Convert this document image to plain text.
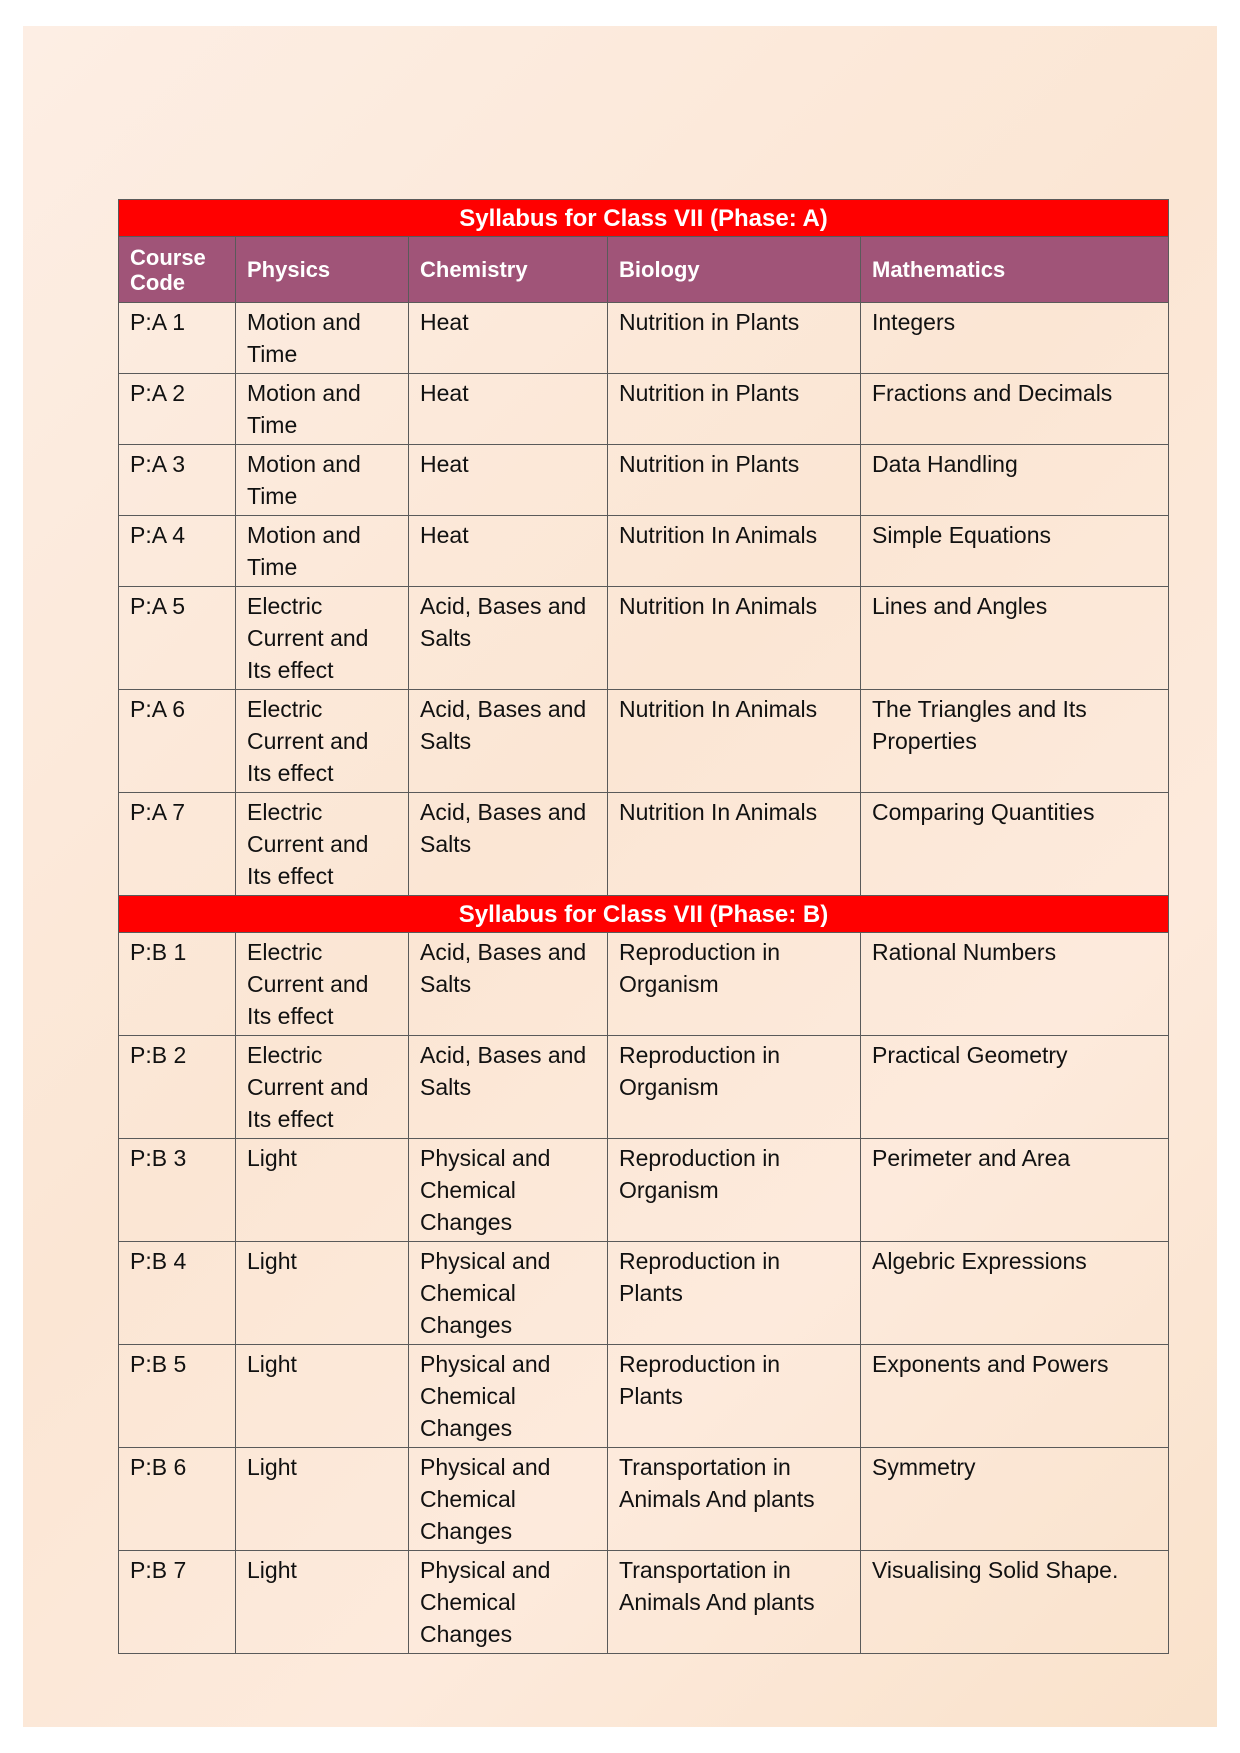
Syllabus for Class VII (Phase: A)				
Course Code	Physics	Chemistry	Biology	Mathematics
P:A 1	Motion and Time	Heat	Nutrition in Plants	Integers
P:A 2	Motion and Time	Heat	Nutrition in Plants	Fractions and Decimals
P:A 3	Motion and Time	Heat	Nutrition in Plants	Data Handling
P:A 4	Motion and Time	Heat	Nutrition In Animals	Simple Equations
P:A 5	Electric Current and Its effect	Acid, Bases and Salts	Nutrition In Animals	Lines and Angles
P:A 6	Electric Current and Its effect	Acid, Bases and Salts	Nutrition In Animals	The Triangles and Its Properties
P:A 7	Electric Current and Its effect	Acid, Bases and Salts	Nutrition In Animals	Comparing Quantities
Syllabus for Class VII (Phase: B)				
P:B 1	Electric Current and Its effect	Acid, Bases and Salts	Reproduction in Organism	Rational Numbers
P:B 2	Electric Current and Its effect	Acid, Bases and Salts	Reproduction in Organism	Practical Geometry
P:B 3	Light	Physical and Chemical Changes	Reproduction in Organism	Perimeter and Area
P:B 4	Light	Physical and Chemical Changes	Reproduction in Plants	Algebric Expressions
P:B 5	Light	Physical and Chemical Changes	Reproduction in Plants	Exponents and Powers
P:B 6	Light	Physical and Chemical Changes	Transportation in Animals And plants	Symmetry
P:B 7	Light	Physical and Chemical Changes	Transportation in Animals And plants	Visualising Solid Shape.
